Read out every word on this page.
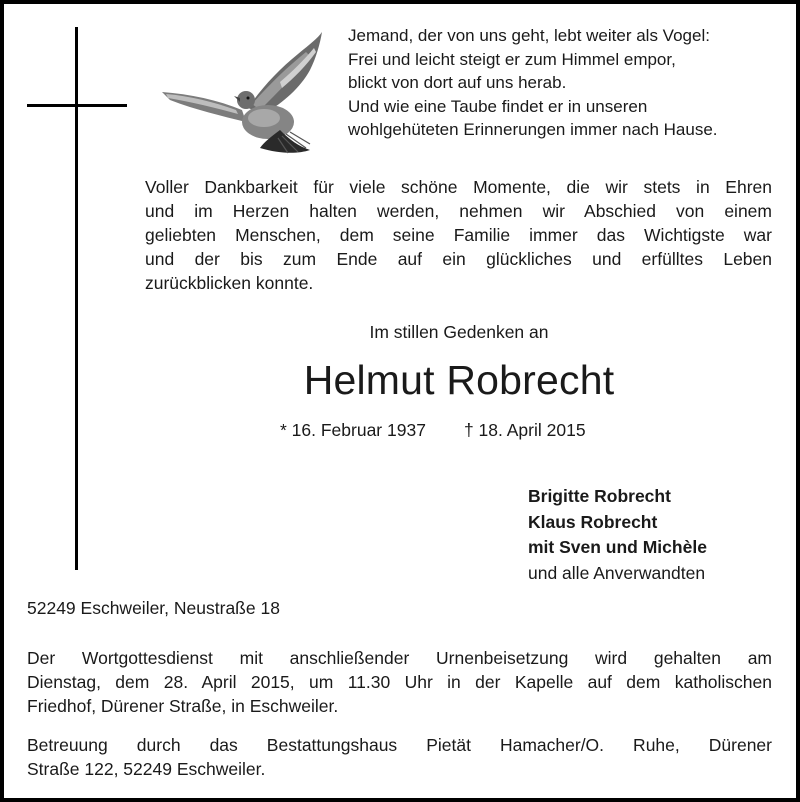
Jemand, der von uns geht, lebt weiter als Vogel:
Frei und leicht steigt er zum Himmel empor,
blickt von dort auf uns herab.
Und wie eine Taube findet er in unseren
wohlgehüteten Erinnerungen immer nach Hause.
Voller Dankbarkeit für viele schöne Momente, die wir stets in Ehren
und im Herzen halten werden, nehmen wir Abschied von einem
geliebten Menschen, dem seine Familie immer das Wichtigste war
und der bis zum Ende auf ein glückliches und erfülltes Leben
zurückblicken konnte.
Im stillen Gedenken an
Helmut Robrecht
* 16. Februar 1937 † 18. April 2015
Brigitte Robrecht
Klaus Robrecht
mit Sven und Michèle
und alle Anverwandten
52249 Eschweiler, Neustraße 18
Der Wortgottesdienst mit anschließender Urnenbeisetzung wird gehalten am
Dienstag, dem 28. April 2015, um 11.30 Uhr in der Kapelle auf dem katholischen
Friedhof, Dürener Straße, in Eschweiler.
Betreuung durch das Bestattungshaus Pietät Hamacher/O. Ruhe, Dürener
Straße 122, 52249 Eschweiler.
